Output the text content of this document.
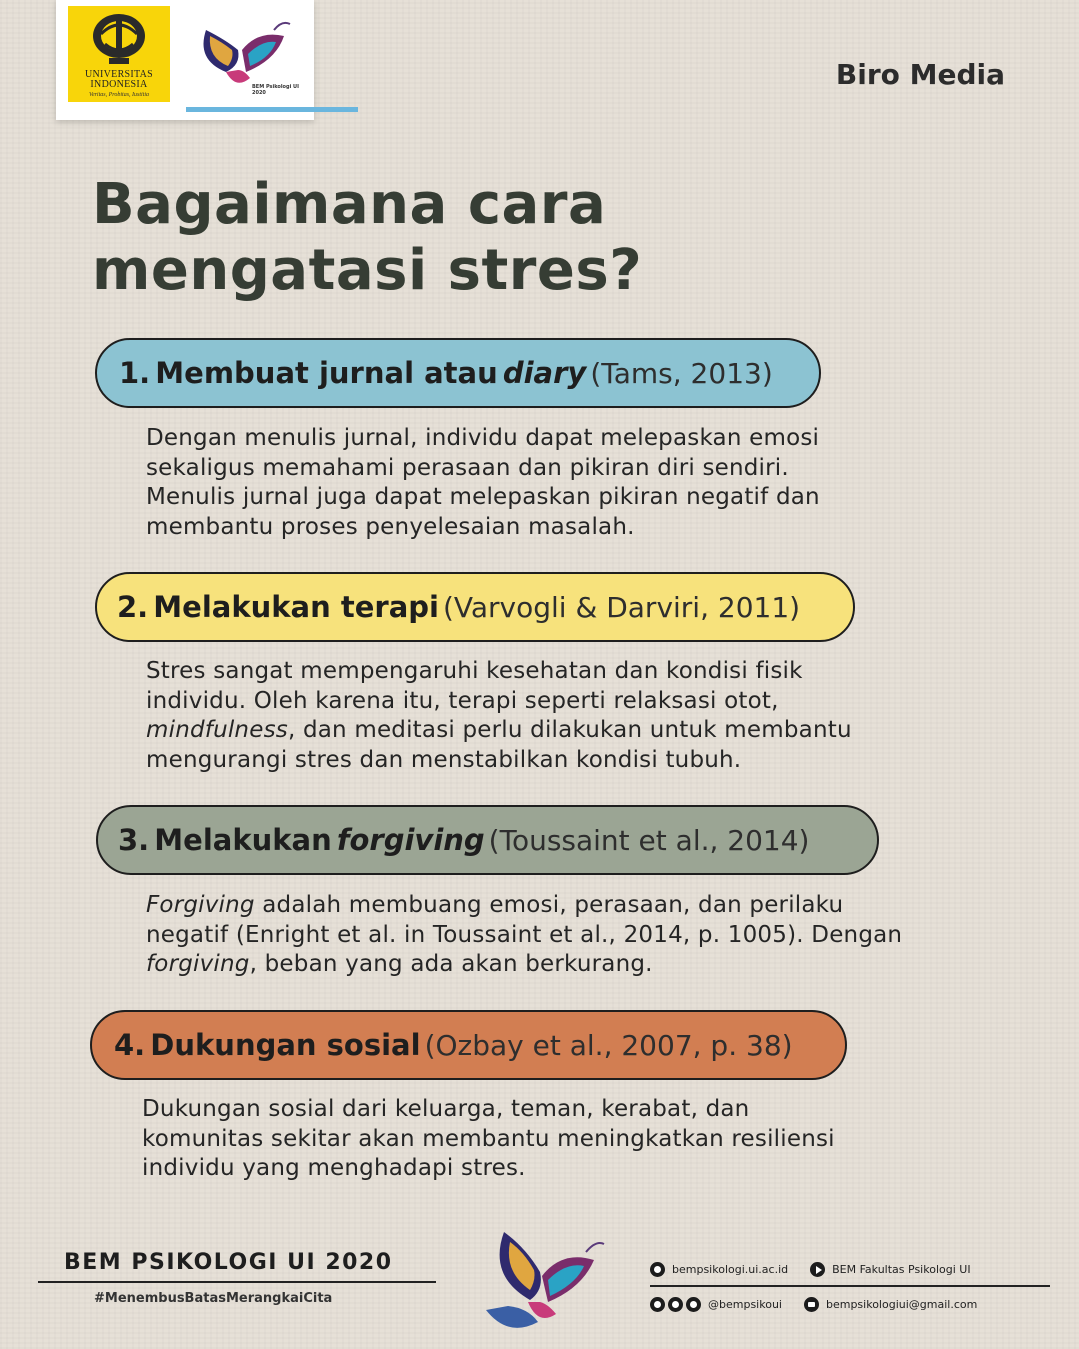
UNIVERSITAS INDONESIA
Veritas, Probitas, Iustitia
BEM Psikologi UI 2020
Biro Media
Bagaimana cara
mengatasi stres?
1.
Membuat jurnal atau
diary (Tams, 2013)
Dengan menulis jurnal, individu dapat melepaskan emosi
sekaligus memahami perasaan dan pikiran diri sendiri.
Menulis jurnal juga dapat melepaskan pikiran negatif dan
membantu proses penyelesaian masalah.
2.
Melakukan terapi (Varvogli & Darviri, 2011)
Stres sangat mempengaruhi kesehatan dan kondisi fisik
individu. Oleh karena itu, terapi seperti relaksasi otot,
mindfulness, dan meditasi perlu dilakukan untuk membantu
mengurangi stres dan menstabilkan kondisi tubuh.
3.
Melakukan
forgiving (Toussaint et al., 2014)
Forgiving adalah membuang emosi, perasaan, dan perilaku
negatif (Enright et al. in Toussaint et al., 2014, p. 1005). Dengan
forgiving, beban yang ada akan berkurang.
4.
Dukungan sosial (Ozbay et al., 2007, p. 38)
Dukungan sosial dari keluarga, teman, kerabat, dan
komunitas sekitar akan membantu meningkatkan resiliensi
individu yang menghadapi stres.
BEM PSIKOLOGI UI 2020
#MenembusBatasMerangkaiCita
bempsikologi.ui.ac.id	BEM Fakultas Psikologi UI
@bempsikoui	bempsikologiui@gmail.com
